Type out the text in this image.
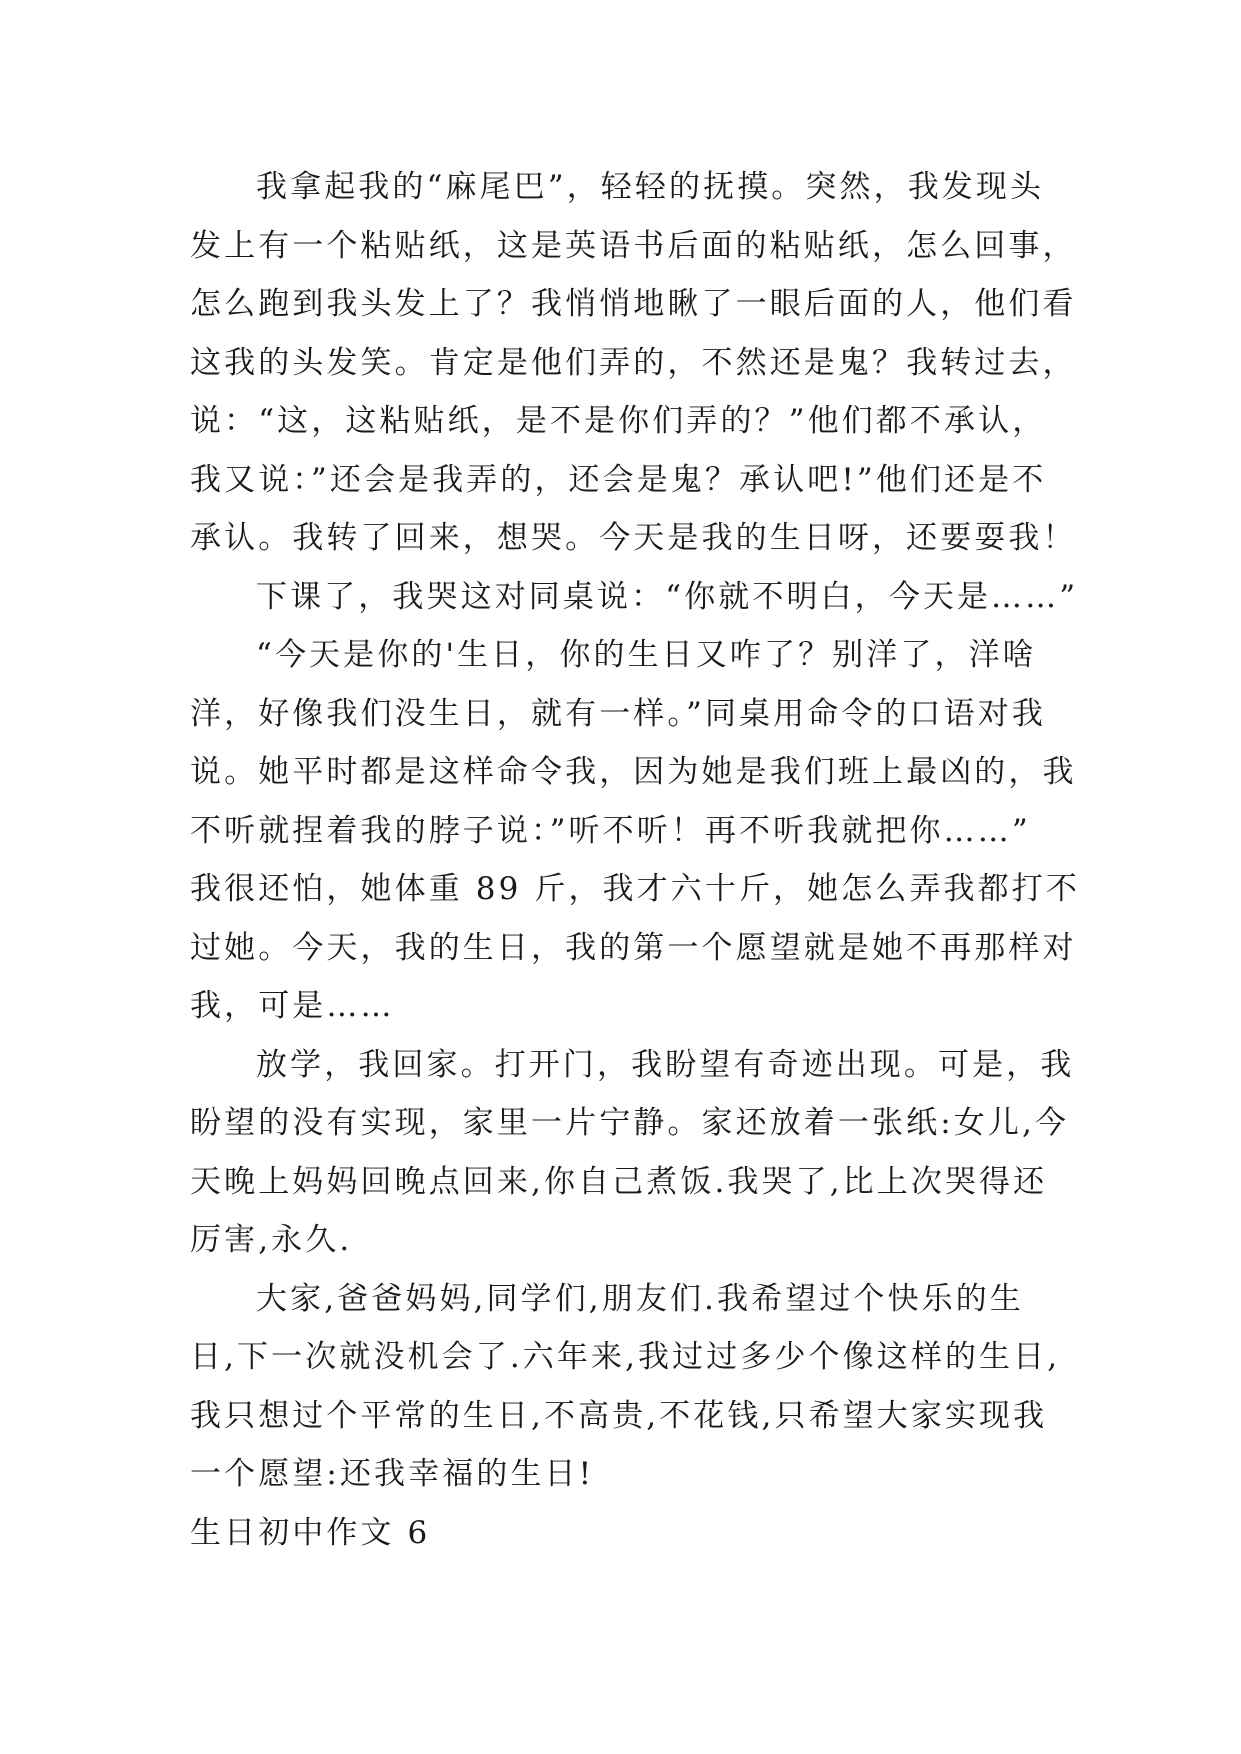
我拿起我的“麻尾巴”，轻轻的抚摸。突然，我发现头
发上有一个粘贴纸，这是英语书后面的粘贴纸，怎么回事，
怎么跑到我头发上了？我悄悄地瞅了一眼后面的人，他们看
这我的头发笑。肯定是他们弄的，不然还是鬼？我转过去，
说：“这，这粘贴纸，是不是你们弄的？”他们都不承认，
我又说：”还会是我弄的，还会是鬼？承认吧!”他们还是不
承认。我转了回来，想哭。今天是我的生日呀，还要耍我！
下课了，我哭这对同桌说：“你就不明白，今天是……”
“今天是你的'生日，你的生日又咋了？别洋了，洋啥
洋，好像我们没生日，就有一样。”同桌用命令的口语对我
说。她平时都是这样命令我，因为她是我们班上最凶的，我
不听就捏着我的脖子说：”听不听！再不听我就把你……”
我很还怕，她体重 89 斤，我才六十斤，她怎么弄我都打不
过她。今天，我的生日，我的第一个愿望就是她不再那样对
我，可是……
放学，我回家。打开门，我盼望有奇迹出现。可是，我
盼望的没有实现，家里一片宁静。家还放着一张纸:女儿,今
天晚上妈妈回晚点回来,你自己煮饭.我哭了,比上次哭得还
厉害,永久.
大家,爸爸妈妈,同学们,朋友们.我希望过个快乐的生
日,下一次就没机会了.六年来,我过过多少个像这样的生日,
我只想过个平常的生日,不高贵,不花钱,只希望大家实现我
一个愿望:还我幸福的生日!
生日初中作文 6
